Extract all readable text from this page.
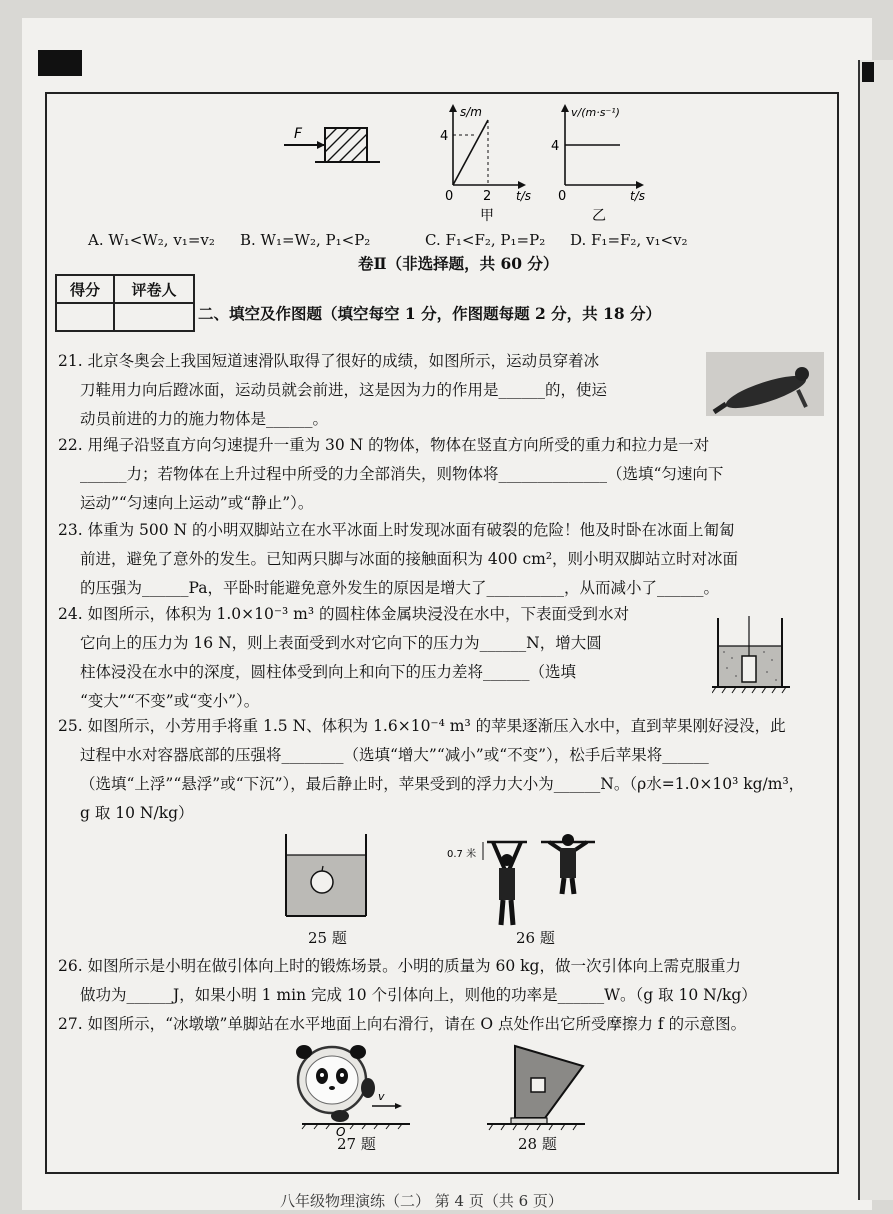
F
s/m
4
0 2 t/s
甲
v/(m·s⁻¹)
4
0	t/s
乙
A. W₁<W₂, v₁=v₂ B. W₁=W₂, P₁<P₂	C. F₁<F₂, P₁=P₂ D. F₁=F₂, v₁<v₂
卷Ⅱ（非选择题，共 60 分）
得分	评卷人

二、填空及作图题（填空每空 1 分，作图题每题 2 分，共 18 分）

21. 北京冬奥会上我国短道速滑队取得了很好的成绩，如图所示，运动员穿着冰

刀鞋用力向后蹬冰面，运动员就会前进，这是因为力的作用是______的，使运

动员前进的力的施力物体是______。

22. 用绳子沿竖直方向匀速提升一重为 30 N 的物体，物体在竖直方向所受的重力和拉力是一对

______力；若物体在上升过程中所受的力全部消失，则物体将______________（选填“匀速向下

运动”“匀速向上运动”或“静止”）。

23. 体重为 500 N 的小明双脚站立在水平冰面上时发现冰面有破裂的危险！他及时卧在冰面上匍匐

前进，避免了意外的发生。已知两只脚与冰面的接触面积为 400 cm²，则小明双脚站立时对冰面

的压强为______Pa，平卧时能避免意外发生的原因是增大了__________，从而减小了______。

24. 如图所示，体积为 1.0×10⁻³ m³ 的圆柱体金属块浸没在水中，下表面受到水对

它向上的压力为 16 N，则上表面受到水对它向下的压力为______N，增大圆

柱体浸没在水中的深度，圆柱体受到向上和向下的压力差将______（选填

“变大”“不变”或“变小”）。

25. 如图所示，小芳用手将重 1.5 N、体积为 1.6×10⁻⁴ m³ 的苹果逐渐压入水中，直到苹果刚好浸没，此

过程中水对容器底部的压强将________（选填“增大”“减小”或“不变”），松手后苹果将______

（选填“上浮”“悬浮”或“下沉”），最后静止时，苹果受到的浮力大小为______N。（ρ水=1.0×10³ kg/m³，

g 取 10 N/kg）

25 题
0.7 米
26 题

26. 如图所示是小明在做引体向上时的锻炼场景。小明的质量为 60 kg，做一次引体向上需克服重力

做功为______J，如果小明 1 min 完成 10 个引体向上，则他的功率是______W。（g 取 10 N/kg）

27. 如图所示，“冰墩墩”单脚站在水平地面上向右滑行，请在 O 点处作出它所受摩擦力 f 的示意图。

O
v
27 题	28 题
八年级物理演练（二） 第 4 页（共 6 页）
